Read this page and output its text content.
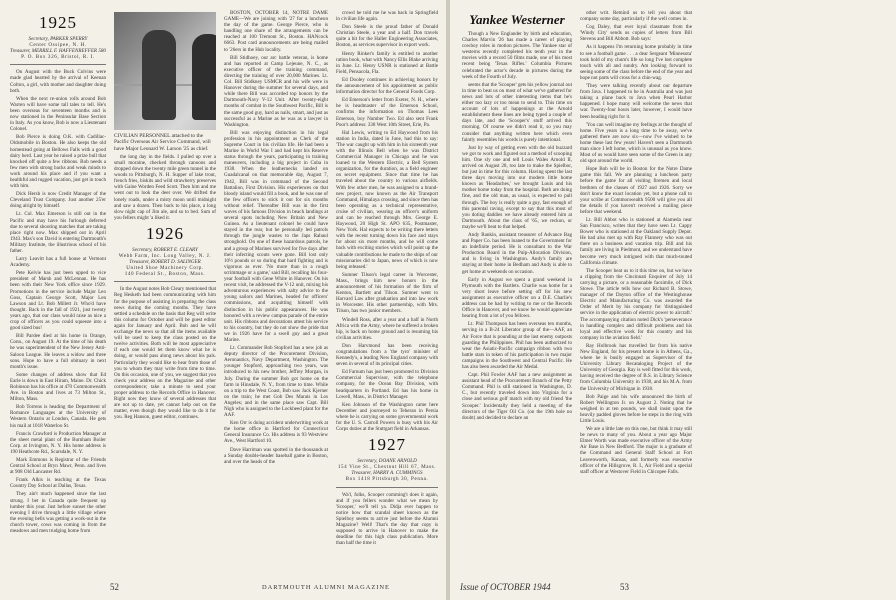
1925

Secretary, PARKER SPERRY

Center Ossipee, N. H.

Treasurer, MERRILL F. HAFFENREFFER 580

P. O. Box 326, Bristol, R. I.

On August with the Buck Colvins were made glad hearted by the arrival of Keenan Colton, a girl, with mother and daughter doing both.

When the next re-union rolls around Bob Warren will have some tall tales to tell. He's been overseas for seventeen months and is now stationed in the Peninsular Base Section in Italy. As you know, Bob is now a Lieutenant Colonel.

Bob Pierce is doing O.K. with Cadillac-Oldsmobile in Boston. He also keeps the old homestead going at Bellows Falls with a good dairy herd. Last year he raised a prize bull that knocked off quite a few ribbons. Bob needs a few men with strong backs and weak minds to work around his place and if you want a healthful and rugged vacation, just get in touch with him.

Dick Hersh is now Credit Manager of the Cleveland Trust Company. Just another 25'er doing alright by himself.

Lt. Col. Max Emerson is still out in the Pacific and may have his furlough deferred due to several shooting matches that are taking place right now. Max shipped out in April 1943. Max's son David is entering Dartmouth's Military Institute, the illustrious school of his father.

Larry Leavitt has a full house at Vermont Academy.

Pete Kelvie has just been upped to vice president of Marsh and McLennan. He has been with their New York office since 1929. Promotions in the service include Major Leo Goss, Captain George Scott, Major Len Lawson and Lt. Bob Millett Jr. Who'd have thought. Back in the fall of 1921, just twenty years ago, that our class would raise as nice a crop of officers as you could squeeze into a good sized bus!

Bill Pardee died at his home in Orange, Conn., on August 19. At the time of his death he was superintendent of the New Jersey Anti-Saloon League. He leaves a widow and three sons. Hope to have a full obituary in next month's issue.

Some changes of address show that Ed Earle is down in East Hiram, Maine. Dr. Chick Robinson has his office at 470 Commonwealth Ave. in Boston and lives at 73 Milton St., Milton, Mass.

Bob Torrens is heading the Department of Romance Languages at the University of Western Ontario at London, Canada. He gets his mail at 1018 Waterloo St.

Francis Crawford is Production Manager at the sheet metal plant of the Burnham Boiler Corp. at Irvington, N. Y. His home address is 190 Heathcote Rd., Scarsdale, N. Y.

Mark Emmons is Registrar of the Friends Central School at Bryn Mawr, Penn. and lives at 908 Old Lancaster Rd.

Frank Alkis is teaching at the Texas Country Day School at Dallas, Texas.

They ain't much happened since the last strung. I bet in Canada quite frequent up lumber this year. Just before sunset the other evening I drive through a little village where the evening bells was getting a work-out in the church tower, cows was coming in from the meadows and men trudging home from

CIVILIAN PERSONNEL attached to the Pacific Overseas Air Service Command, will have Major Leonard W. Larson '25 as chief.

the long day in the fields. I pulled up over a small moraine, checked through canoons and dropped down the twenty mile green tunnel in the woods to Pittsburgh, N. H. Supper of lake trout, french fries, biskits and wild strawberry preserves with Gaine Worden Feed Scott. Then him and me went out to look the deer over. We drifted the lonely roads, under a misty moon until midnight and saw a dozen. Then back to his place, a long slow night cap of Jim ale, and so to bed. Sum of you fellers might 'a liked it.

1926

Secretary, ROBERT E. CLEARY

Webb Farm, Inc. Long Valley, N. J.

Treasurer, ROBERT D. SALINGER

United Shoe Machinery Corp.

140 Federal St., Boston, Mass.

In the August notes Bob Cleary mentioned that Reg Hesketh had been communicating with him for the purpose of assisting in preparing the class news during the coming months. They have settled a schedule on the basis that Reg will write this column for October and will be guest editor again for January and April. Bob and he will exchange the news so that all the items available will be used to keep the class posted on the twelve activities. Both will be most appreciative if each one would let them know what he is doing, or would pass along news about his pals. Particularly they would like to hear from those of you to whom they may write from time to time. On this occasion, one of you, we suggest that you check your address on the Magazine and other correspondence; take a minute to send your proper address to the Records Office in Hanover. Right now they know of several addresses that are not up to date, yet cannot help out on the matter, even though they would like to do it for you. Reg Hanson, guest editor, continues.

BOSTON, OCTOBER 14, NOTRE DAME GAME—We are joining with '27 for a luncheon the day of the game. George Pierce, who is handling one share of the arrangements can be reached at 100 Tremont St., Boston. HANcock 6663. Post card announcements are being mailed to '26ers in the Hub locality.

Bill Stidhoey, our arc battle veteran, is home and has reported at Camp Lejeune, N. C., as executive officer of the training command, directing the training of over 20,000 Marines. Lt. Col. Bill Stidkney USMCR and his wife were in Hanover during the summer for several days, and while there Bill was accorded top honors by the Dartmouth-Navy V-12 Unit. After twenty-eight months of combat in the Southwest Pacific, Bill is the same good guy, hard as nails, smart, and just as successful as a Marine as he was as a lawyer in Washington.

Bill was enjoying distinction in his legal profession in his appointment as Clerk of the Supreme Court in his civilian life. He had been a Marine in World War I and had kept his Reserve status through the years, participating in training maneuvers, including a big project in Cuba in 1938. When the leathernecks landed on Guadalcanal on that memorable day, August 7, 1942, Bill was in command of the Second Battalion, First Division. His experiences on that bloody island would fill a book, and he was one of the few officers to stick it out for six months without relief. Thereafter Bill was in the first waves of his famous Division in beach landings at several spots including New Britain and New Guinea. As a lieutenant colonel he could have stayed in the rear, but he personally led patrols through the jungle wastes to the Japs Rabaul stronghold. On one of these hazardous patrols, he and a group of Marines survived for five days after their infecting scouts were gone. Bill lost only 10½ pounds or so during that hard fighting and is vigorous as ever. 'No more than in a rough scrimmage or a game,' said Bill, recalling his four-year football with Gene White in Hanover. On his recent visit, he addressed the V-12 unit, mixing his adventurous experiences with salty advice to the young sailors and Marines, headed for officers' commissions, and acquitting himself with distinction in his public appearances. He was honored with a review campus parade of the entire unit. His ribbons and decorations attest his service to his country, but they do not show the pride that we in 1926 have for a swell guy and a great Marine.

Lt. Commander Bob Stopford has a new job as deputy director of the Procurement Division, Aeronautics, Navy Department, Washington. The younger Stopford, approaching two years, was introduced to his new brother, Jeffrey Morgan, in July. During the summer Bob got home on the farm in Hinsdale, N. Y., from time to time. While on a trip to the West Coast, Bob saw Jack Kjerner on the train; he met Gob Des Marais in Los Angeles; and in the same place saw Capt. Bill Nigh who is assigned to the Lockheed plant for the AAF.

Ken Orr is doing accident underwriting work at the home office in Hartford for Connecticut General Insurance Co. His address is 93 Westview Ave., West Hartford 10.

Dave Harriman was spotted in the thousands at a Sunday double-header baseball game in Boston, and over the heads of the

crowd he told me he was back in Springfield in civilian life again.

Don Steele is the proud father of Donald Christian Steele, a year and a half. Don travels quite a bit for the Haller Engineering Associates, Boston, as services supervisor in export work.

Henry Rinker's family is entitled to another ration book, what with Nancy Ellis Blake arriving in June. Lt. Henry USNR is stationed at Battle Field, Pensacola, Fla.

Ed Dooley continues in achieving honors by the announcement of his appointment as public information director for the General Foods Corp.

Ed Emerson's letter from Exeter, N. H., where he is headmaster of the Emerson School, confirms the information on Thomas Lees Emerson, boy Number Two. Ed also sent Frank Poor's address: 338 West 10th Street, Erie, Pa.

Hal Lewis, writing to Ed Haywood from his station in India, dated in June, had this to say: 'The war caught up with him in his sixteenth year with the Illinois Bell when he was District Commercial Manager in Chicago and he was loaned to the Western Electric, a Bell System organization, for the duration, as a field engineer on secret equipment. Since that time he has traveled about the country to various airfields. With few other men, he was assigned to a brand-new project, now known as the Air Transport Command, Himalaya crossing, and since then has been operating as a technical representative, cruise of civilian, wearing an officer's uniform and can be reached through Mrs. George E. Haywood, 20 High St. APO 635, Postmaster, New York. Hal expects to be writing there letters with the recent turning down his face and stays for about six more months, and he will come back with exciting stories which will point up the valuable contributions he made to the ships of our missionaries did to Japan, news of which is now being released.'

Sumner Tilson's legal career in Worcester, Mass., brings him new honors in the announcement of his formation of the firm of Kenton, Bartlett and Tilson. Sumner went to Harvard Law after graduation and into law work in Worcester. His other partnership, with Mrs. Tilson, has two junior members.

Windell Ross, after a year and a half in North Africa with the Army, where he suffered a broken hip, is back on home ground and is resuming his civilian activities.

Don Harvmond has been receiving congratulations from a 'the tyro' minister of Kennedy's, a leading New England company with seven in several of its principal cities.

Ed Farnum has just been promoted to Division Commercial Supervisor, with the telephone company, for the Ocean Bay Division, with headquarters in Portland. Ed has his home in Lowell, Mass., in District Manager.

Ken Johnson of the Washington came here December and journeyed to Teheran in Persia where he is carrying on some governmental work for the U. S. Carroll Powers is busy with his Air Corps duties at the Stuttgart field in Arkansas.

1927

Secretary, DOANE ARNOLD

154 Vine St., Chestnut Hill 67, Mass.

Treasurer, HARRY A. CUMMINGS

Box 1418 Pittsburgh 30, Penna.

Wa'l, folks, Scooper comming't does it again, and if you fellers wonder what we mean by 'Scooper,' we'll tell ya. Didja ever happen to notice how that scandal sheet known as the Spielboy seems to arrive just before the Alumni Magazine? Well! That's the day that copy is supposed to arrive in Hanover to make the deadline for this high class publication. More than half the time it

52	DARTMOUTH ALUMNI MAGAZINE
Yankee Westerner

Though a New Englander by birth and education, Charles Marvin '26 has made a career of playing cowboy roles in motion pictures. The Yankee star of westerns recently completed his tenth year in the movies with a record 50 films made, one of his most recent being 'Texas Rifles.' Columbia Pictures celebrated the actor's decade in pictures during the week of the Fourth of July.

seems that the 'Scooper' gets his yellow journal out in time to beat us on most of what we've gathered for news and lots of other interesting items that he's either too lazy or too mean to send to. This time on account of lots of happenings at the Arnold establishment these lines are being typed a couple of days late, and the 'Scooper's' stuff arrived this morning. Of course we didn't read it, so you may consider that anything written here which even faintly resembles his words is purely intentional.

Just by way of getting even with the old buzzard we got to work and figured out a method of scooping him. One sly one and tell Louis Wales Arnold II, arrived on August 28, too late to make the Spielbor, but just in time for this column. Having spent the last three days moving into our modern little home known as 'Headaches,' we brought Louis and his mother home today from the hospital. Both are doing fine, and the old man, as usual, is expected to pull through. The boy is really quite a guy, fast enough of this parental raving, except to say that this most of you doting daddies we have already entered him at Dartmouth. About the class of '65, we reckon, or maybe we'll beat to that helped.

Andy Rankin, assistant treasurer of Advance Bag and Paper Co. has been loaned to the Government for an indefinite period. He is consultant to the War Production Board in the Pulp-Allocation Division, and is living in Washington. Andy's family are staying at their home in Bedham and Andy is able to get home at weekends on occasion.

Early in August we spent a grand weekend in Plymouth with the Bartlets. Charlie was home for a very short leave before setting off for his new assignment as executive officer on a D.E. Charlie's address can be had by writing to me or the Records Office in Hanover, and we know he would appreciate hearing from a lot of you fellows.

Lt. Phil Thompson has been overseas ten months, serving in a B-24 Liberator group of the—AAF, an Air Force that is pounding at the last enemy outposts guarding the Philippines. Phil has been authorized to wear the Asiatic-Pacific campaign ribbon with two battle stars in token of his participation in two major campaigns in the Southwest and Central Pacific. He has also been awarded the Air Medal.

Capt. Phil Fowler AAF has a new assignment as assistant head of the Procurement Branch of the Petty Command. Phil is still stationed in Washington, D. C., but recently traveled down into Virginia for a close and serious golf match with my old friend 'the Scooper.' Incidentally they held a meeting of the directors of the Tiger Oil Co. (on the 19th hole no doubt) and decided to declare an

other writ. Remind us to tell you about that company some day, particularly if the well comes in.

Cog Daley, that ever loyal classmate from the 'Windy City' sends us copies of letters from Bill Stevens and Bill Abbott. Bob says:

As it happens I'm returning home probably in time to see a football game . . . a dear Sergeant 'Minnesota' took hold of my chum's life so long I've lost complete touch with all and sundry. Am looking forward to seeing some of the class before the end of the year and hope not parts will cross for a chin-wag.

'They were talking recently about our departure from Java. I happened to be in Australia and was just taking a plane back to Java when Pearl Harbor happened. I hope many will welcome the news that war. Twenty-four hours later, however, I would have been heading right for it.

'You can well imagine my feelings at the thought of home. Five years is a long time to be away, we've gathered there are now six—now I've wished to be home these last few years! Haven't seen a Dartmouth man since I left home, which is unusual as you know. Most of us would have seen some of the Green in any old spot around the world.

Hope Bob will be in Boston for the Notre Dame game this fall. We are planning a luncheon party before the game for all visiting firemen and local brethren of the classes of 1927 and 1926. Sorry we don't know the exact location yet, but a phone call to your scribe at Commonwealth 9500 will give you all the details if you haven't received a mailing piece before that weekend.

Lt. Bill Abbot who is stationed at Alameda near San Francisco, writes that they have seen Lt. Cappy Bower who is stationed at the Oakland Supply Depot. He had also met up with Ray Flannery who was out there on a business and vacation trip. Bill and his family are living in Piedmont, and we understand have become very much intrigued with that much-touted California climate.

The Scooper beat us to it this time on, but we have a clipping from the Cincinnati Enquirer of July 14 carrying a picture, or a reasonable facsimile, of Dick Stowe. The article tells how our Richard B. Stowe, manager of the Dayton office of the Westinghouse Electric and Manufacturing Co. was awarded the Order of Merit by his company for 'distinguished service in the application of electric power to aircraft.' The accompanying citation noted Dick's 'perseverance in handling complex and difficult problems and his loyal and effective work for this country and his company in the aviation field.'

Ray Holbrook has travelled far from his native New England, for his present home is in Athens, Ga., where he is busily engaged as Supervisor of the University Library Recataloging Project of the University of Georgia. Ray is well fitted for this work, having received the degree of B.S. in Library Science from Columbia University in 1930, and his M.A. from the University of Michigan in 1938.

Bob Paige and his wife announced the birth of Robert Wellington Jr. on August 2. Noting that he weighed in at ten pounds, we shall insist upon the heavily padded gloves before he steps in the ring with Little Louis.

We are a little late on this one, but think it may still be news to many of you. About a year ago Major Elmer Worth was made executive officer of the Army Air Base in New Bedford. The major is a graduate of the Command and General Staff School at Fort Leavenworth, Kansas, and formerly was executive officer of the Hillsgrove, R. I., Air Field and a special staff officer at Westover Field in Chicopee Falls.

Issue of OCTOBER 1944	53
